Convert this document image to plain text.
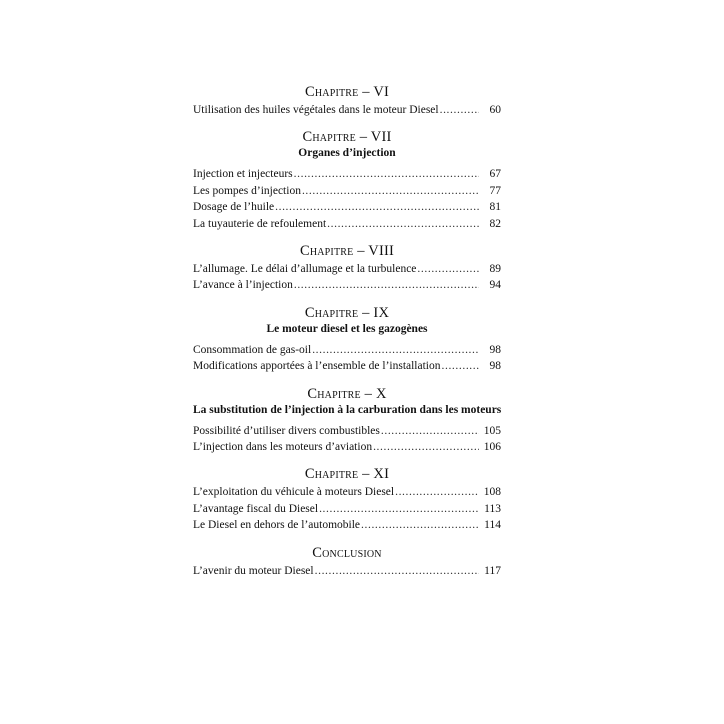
Chapitre – VI
Utilisation des huiles végétales dans le moteur Diesel .....	60
Chapitre – VII
Organes d’injection
Injection et injecteurs .....	67
Les pompes d’injection .....	77
Dosage de l’huile .....	81
La tuyauterie de refoulement .....	82
Chapitre – VIII
L’allumage. Le délai d’allumage et la turbulence .....	89
L’avance à l’injection .....	94
Chapitre – IX
Le moteur diesel et les gazogènes
Consommation de gas-oil .....	98
Modifications apportées à l’ensemble de l’installation .....	98
Chapitre – X
La substitution de l’injection à la carburation dans les moteurs
Possibilité d’utiliser divers combustibles .....	105
L’injection dans les moteurs d’aviation .....	106
Chapitre – XI
L’exploitation du véhicule à moteurs Diesel .....	108
L’avantage fiscal du Diesel .....	113
Le Diesel en dehors de l’automobile .....	114
Conclusion
L’avenir du moteur Diesel .....	117
